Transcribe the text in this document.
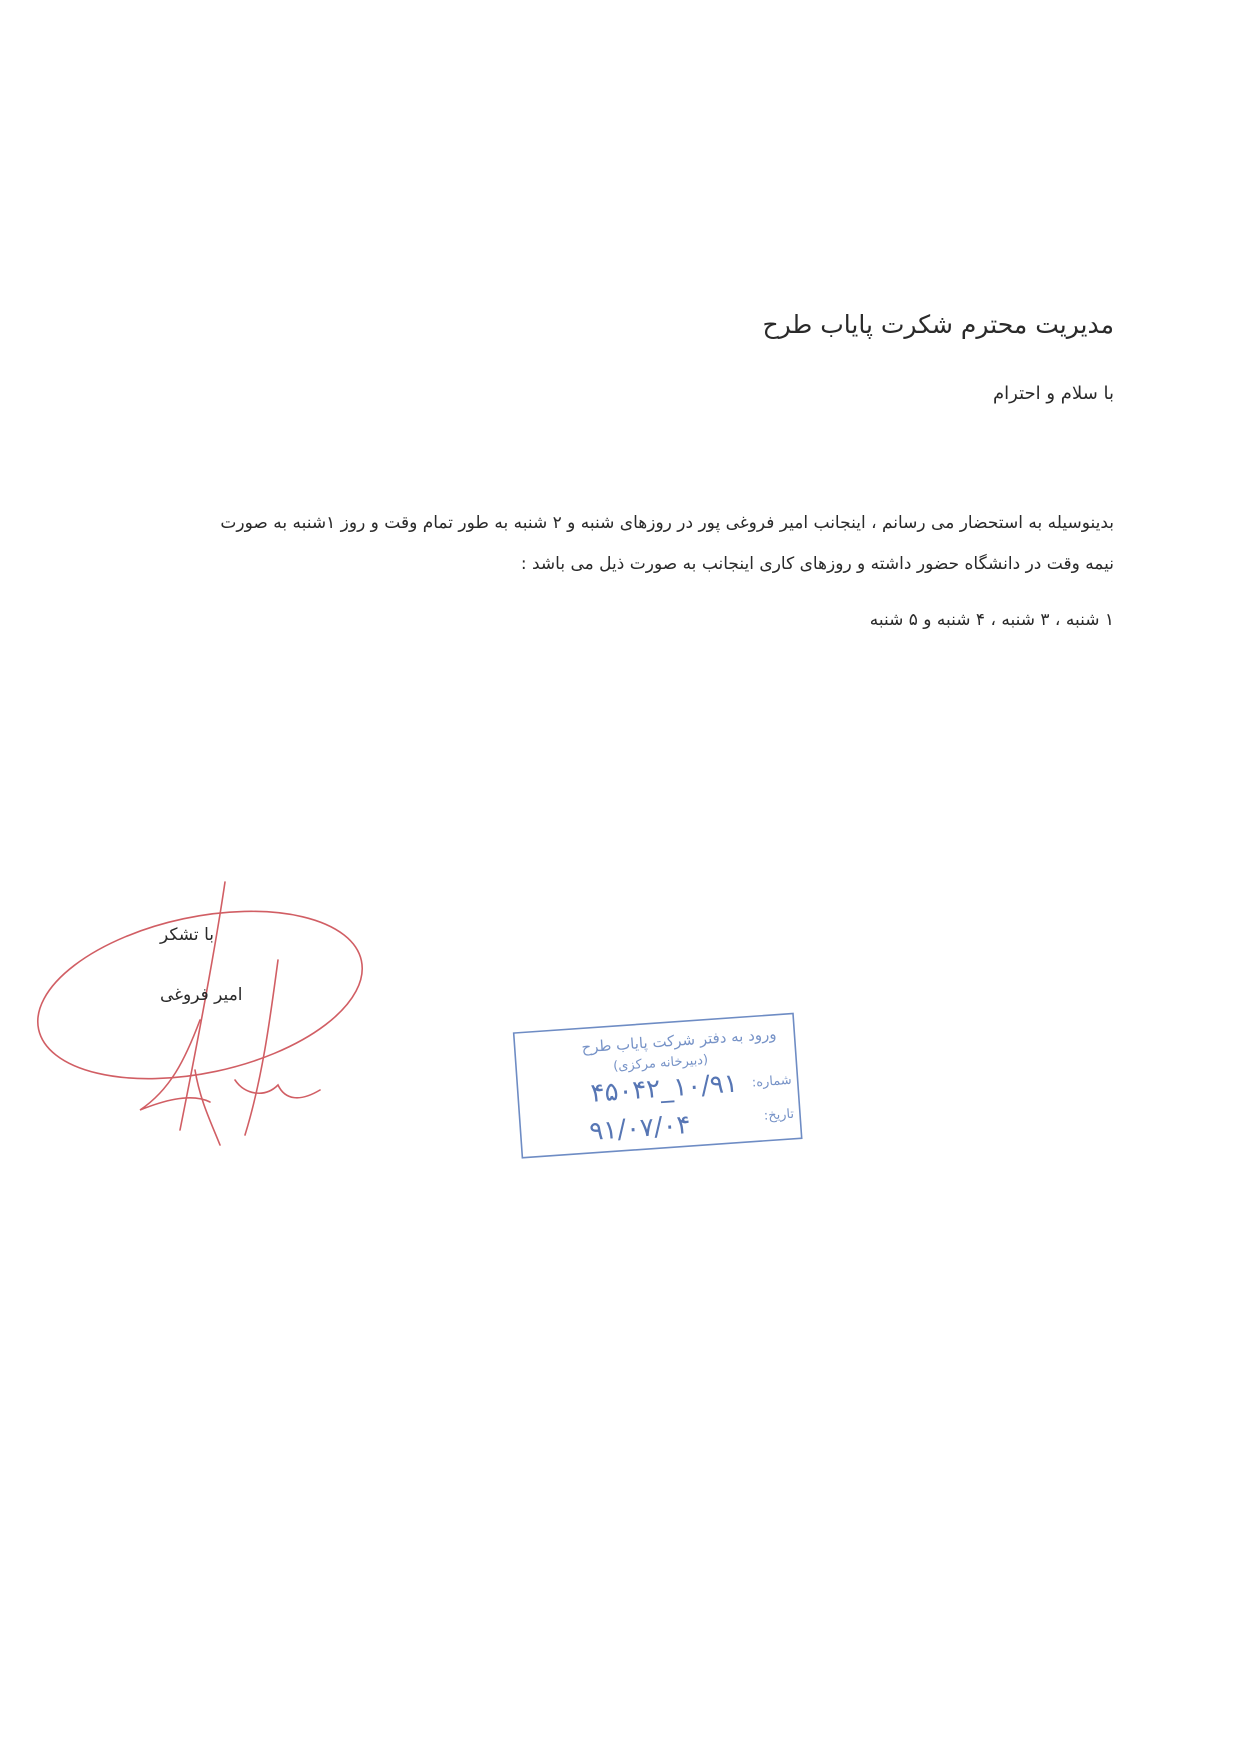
مدیریت محترم شکرت پایاب طرح
با سلام و احترام
بدینوسیله به استحضار می رسانم ، اینجانب امیر فروغی پور در روزهای شنبه و ۲ شنبه به طور تمام وقت و روز ۱شنبه به صورت
نیمه وقت در دانشگاه حضور داشته و روزهای کاری اینجانب به صورت ذیل می باشد :
۱ شنبه ، ۳ شنبه ، ۴ شنبه و ۵ شنبه
با تشکر
امیر فروغی
ورود به دفتر شرکت پایاب طرح
(دبیرخانه مرکزی)
شماره:
۱۰/۹۱_۴۵۰۴۲
تاریخ:
۹۱/۰۷/۰۴
